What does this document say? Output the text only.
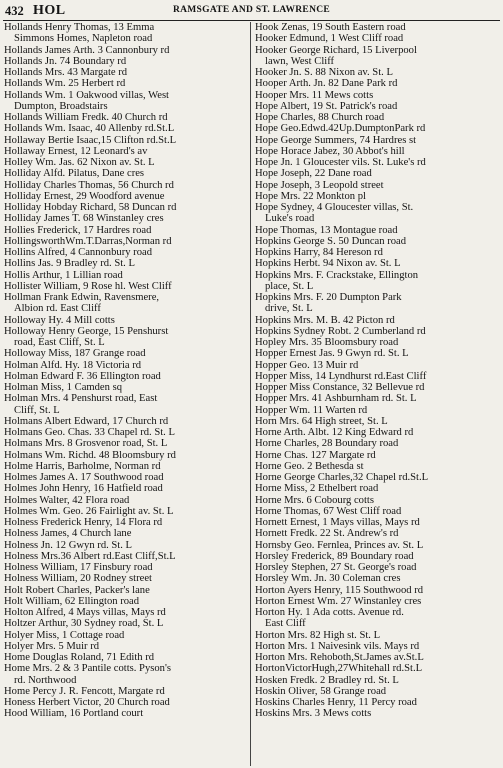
432 HOL	RAMSGATE AND ST. LAWRENCE
Hollands Henry Thomas, 13 Emma
Simmons Homes, Napleton road
Hollands James Arth. 3 Cannonbury rd
Hollands Jn. 74 Boundary rd
Hollands Mrs. 43 Margate rd
Hollands Wm. 25 Herbert rd
Hollands Wm. 1 Oakwood villas, West
Dumpton, Broadstairs
Hollands William Fredk. 40 Church rd
Hollands Wm. Isaac, 40 Allenby rd.St.L
Hollaway Bertie Isaac,15 Clifton rd.St.L
Hollaway Ernest, 12 Leonard's av
Holley Wm. Jas. 62 Nixon av. St. L
Holliday Alfd. Pilatus, Dane cres
Holliday Charles Thomas, 56 Church rd
Holliday Ernest, 29 Woodford avenue
Holliday Hobday Richard, 58 Duncan rd
Holliday James T. 68 Winstanley cres
Hollies Frederick, 17 Hardres road
HollingsworthWm.T.Darras,Norman rd
Hollins Alfred, 4 Cannonbury road
Hollins Jas. 9 Bradley rd. St. L
Hollis Arthur, 1 Lillian road
Hollister William, 9 Rose hl. West Cliff
Hollman Frank Edwin, Ravensmere,
Albion rd. East Cliff
Holloway Hy. 4 Mill cotts
Holloway Henry George, 15 Penshurst
road, East Cliff, St. L
Holloway Miss, 187 Grange road
Holman Alfd. Hy. 18 Victoria rd
Holman Edward F. 36 Ellington road
Holman Miss, 1 Camden sq
Holman Mrs. 4 Penshurst road, East
Cliff, St. L
Holmans Albert Edward, 17 Church rd
Holmans Geo. Chas. 33 Chapel rd. St. L
Holmans Mrs. 8 Grosvenor road, St. L
Holmans Wm. Richd. 48 Bloomsbury rd
Holme Harris, Barholme, Norman rd
Holmes James A. 17 Southwood road
Holmes John Henry, 16 Hatfield road
Holmes Walter, 42 Flora road
Holmes Wm. Geo. 26 Fairlight av. St. L
Holness Frederick Henry, 14 Flora rd
Holness James, 4 Church lane
Holness Jn. 12 Gwyn rd. St. L
Holness Mrs.36 Albert rd.East Cliff,St.L
Holness William, 17 Finsbury road
Holness William, 20 Rodney street
Holt Robert Charles, Packer's lane
Holt William, 62 Ellington road
Holton Alfred, 4 Mays villas, Mays rd
Holtzer Arthur, 30 Sydney road, St. L
Holyer Miss, 1 Cottage road
Holyer Mrs. 5 Muir rd
Home Douglas Roland, 71 Edith rd
Home Mrs. 2 & 3 Pantile cotts. Pyson's
rd. Northwood
Home Percy J. R. Fencott, Margate rd
Honess Herbert Victor, 20 Church road
Hood William, 16 Portland court
Hook Zenas, 19 South Eastern road
Hooker Edmund, 1 West Cliff road
Hooker George Richard, 15 Liverpool
lawn, West Cliff
Hooker Jn. S. 88 Nixon av. St. L
Hooper Arth. Jn. 82 Dane Park rd
Hooper Mrs. 11 Mews cotts
Hope Albert, 19 St. Patrick's road
Hope Charles, 88 Church road
Hope Geo.Edwd.42Up.DumptonPark rd
Hope George Summers, 74 Hardres st
Hope Horace Jabez, 30 Abbot's hill
Hope Jn. 1 Gloucester vils. St. Luke's rd
Hope Joseph, 22 Dane road
Hope Joseph, 3 Leopold street
Hope Mrs. 22 Monkton pl
Hope Sydney, 4 Gloucester villas, St.
Luke's road
Hope Thomas, 13 Montague road
Hopkins George S. 50 Duncan road
Hopkins Harry, 84 Hereson rd
Hopkins Herbt. 94 Nixon av. St. L
Hopkins Mrs. F. Crackstake, Ellington
place, St. L
Hopkins Mrs. F. 20 Dumpton Park
drive, St. L
Hopkins Mrs. M. B. 42 Picton rd
Hopkins Sydney Robt. 2 Cumberland rd
Hopley Mrs. 35 Bloomsbury road
Hopper Ernest Jas. 9 Gwyn rd. St. L
Hopper Geo. 13 Muir rd
Hopper Miss, 14 Lyndhurst rd.East Cliff
Hopper Miss Constance, 32 Bellevue rd
Hopper Mrs. 41 Ashburnham rd. St. L
Hopper Wm. 11 Warten rd
Horn Mrs. 64 High street, St. L
Horne Arth. Albt. 12 King Edward rd
Horne Charles, 28 Boundary road
Horne Chas. 127 Margate rd
Horne Geo. 2 Bethesda st
Horne George Charles,32 Chapel rd.St.L
Horne Miss, 2 Ethelbert road
Horne Mrs. 6 Cobourg cotts
Horne Thomas, 67 West Cliff road
Hornett Ernest, 1 Mays villas, Mays rd
Hornett Fredk. 22 St. Andrew's rd
Hornsby Geo. Fernlea, Princes av. St. L
Horsley Frederick, 89 Boundary road
Horsley Stephen, 27 St. George's road
Horsley Wm. Jn. 30 Coleman cres
Horton Ayers Henry, 115 Southwood rd
Horton Ernest Wm. 27 Winstanley cres
Horton Hy. 1 Ada cotts. Avenue rd.
East Cliff
Horton Mrs. 82 High st. St. L
Horton Mrs. 1 Naivesink vils. Mays rd
Horton Mrs. Rehoboth,St.James av.St.L
HortonVictorHugh,27Whitehall rd.St.L
Hosken Fredk. 2 Bradley rd. St. L
Hoskin Oliver, 58 Grange road
Hoskins Charles Henry, 11 Percy road
Hoskins Mrs. 3 Mews cotts
